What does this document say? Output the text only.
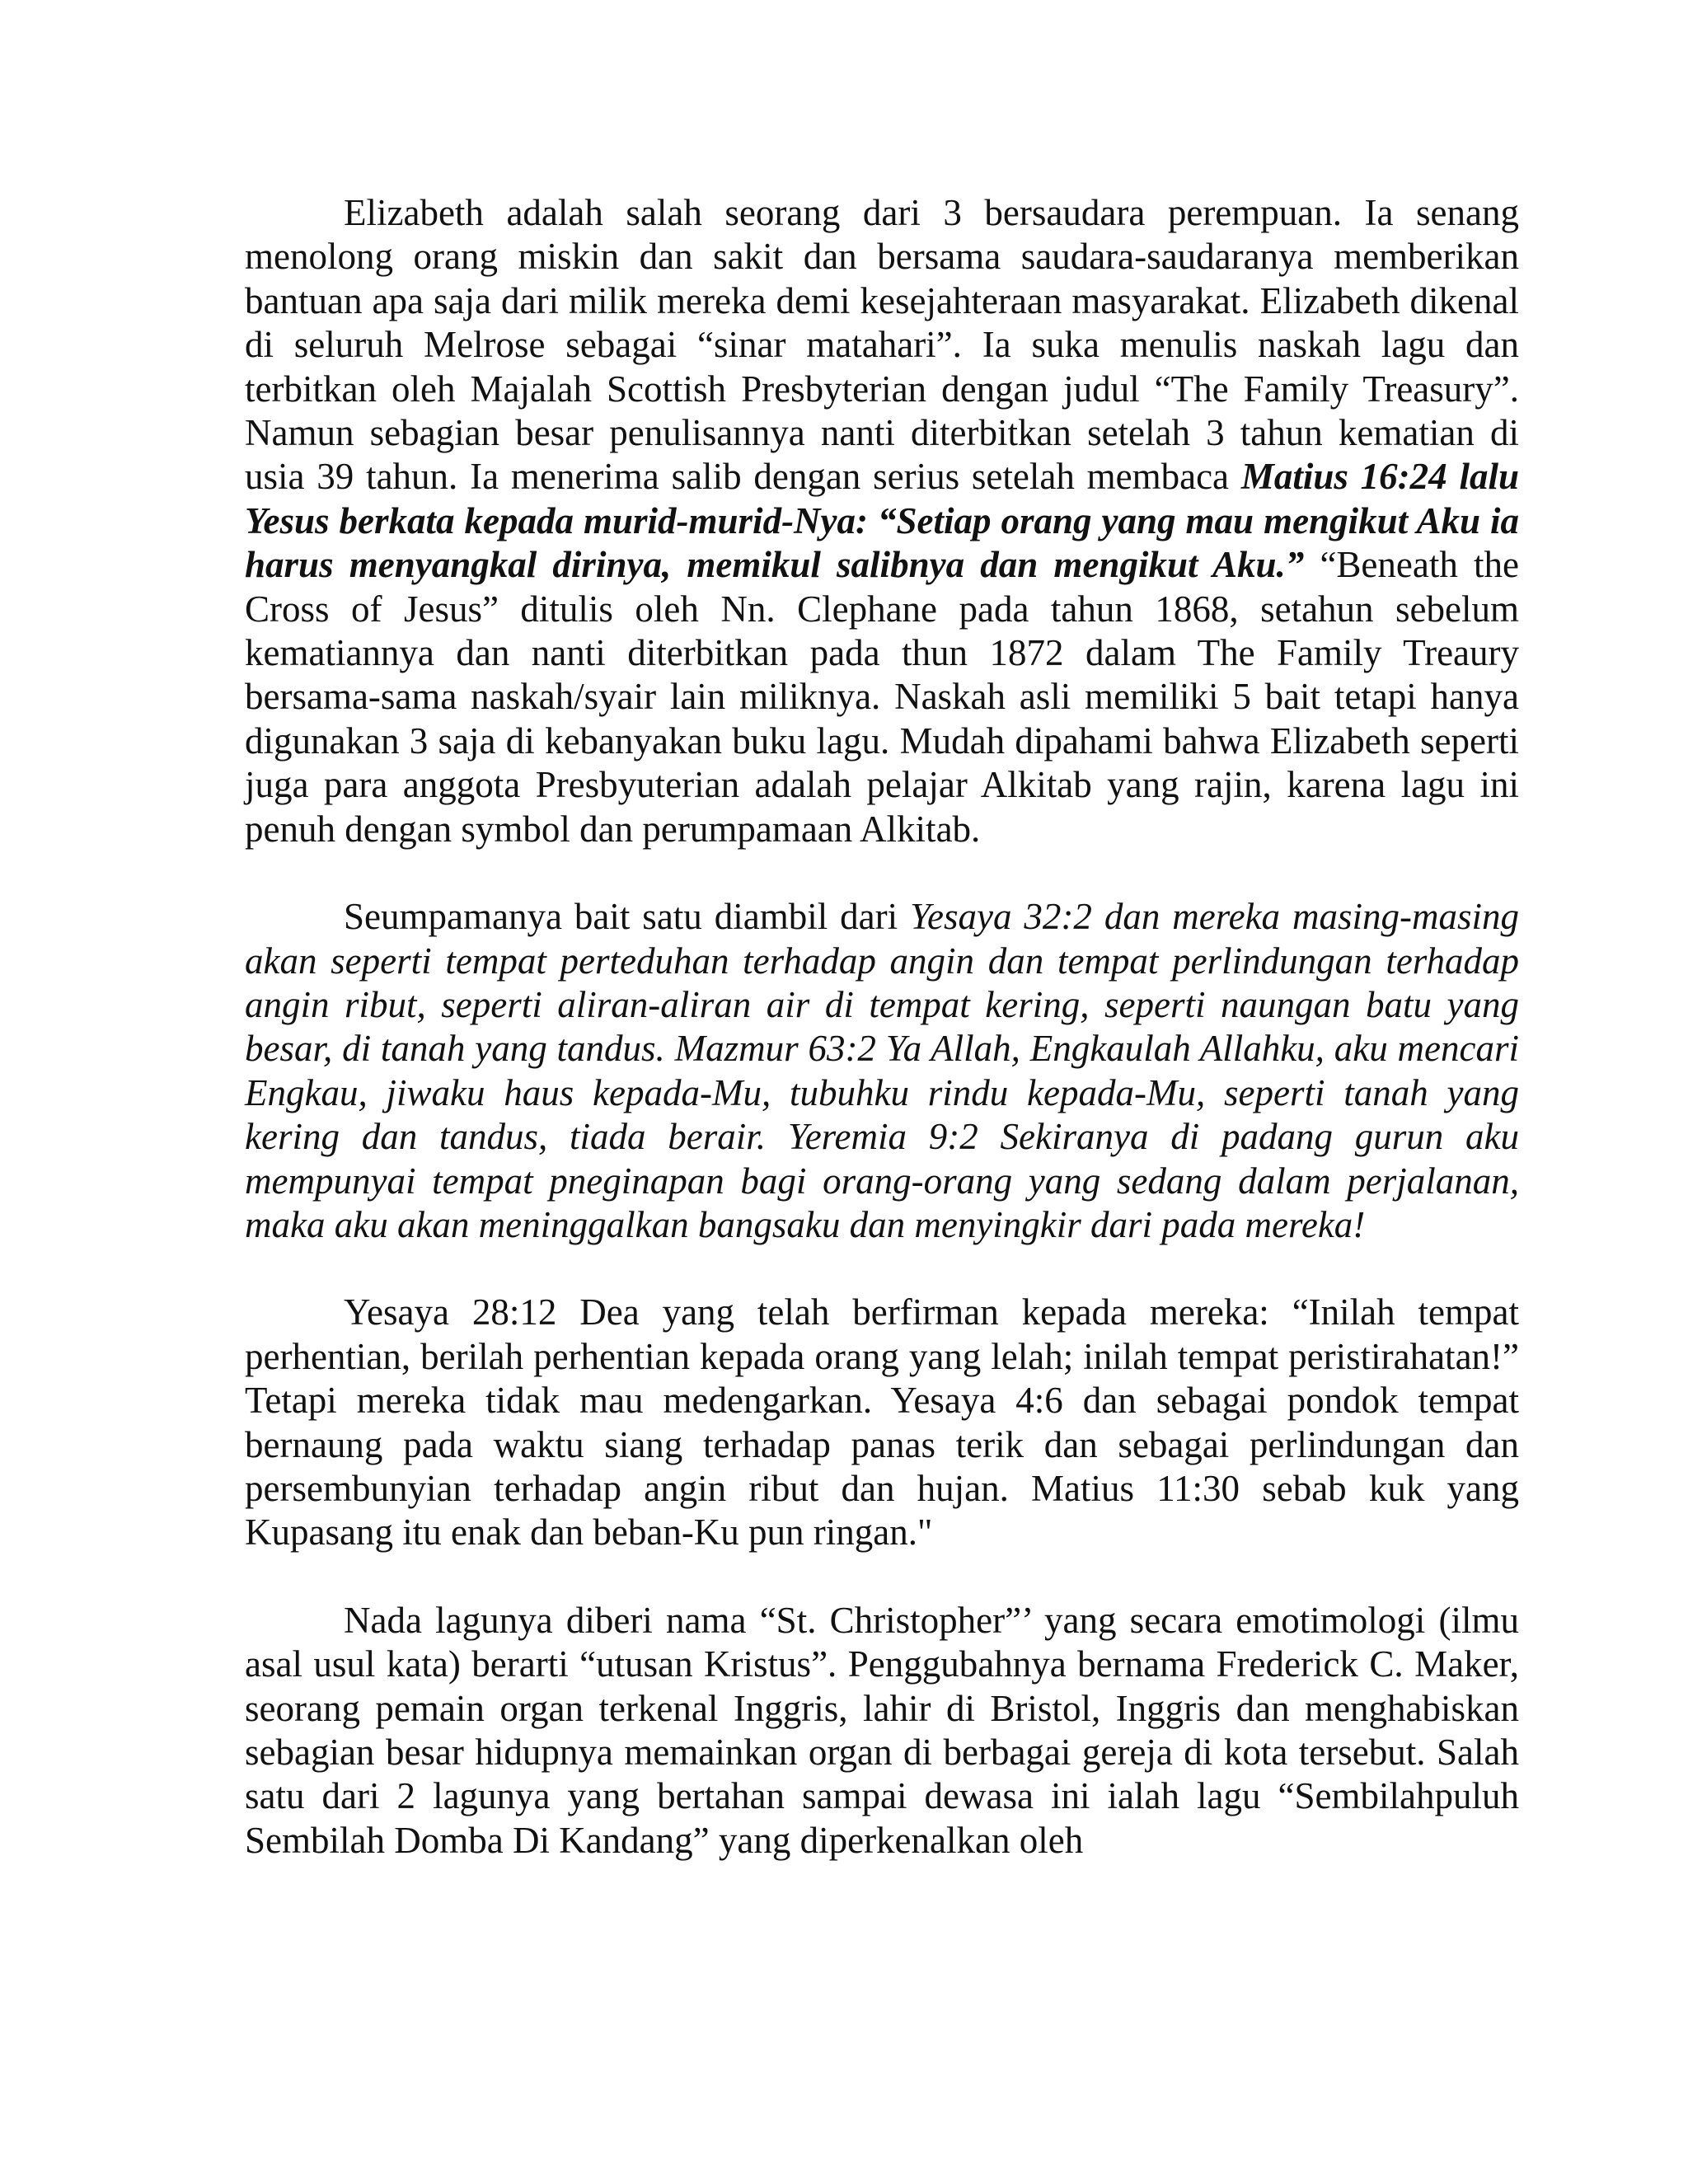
Elizabeth adalah salah seorang dari 3 bersaudara perempuan. Ia senang menolong orang miskin dan sakit dan bersama saudara-saudaranya memberikan bantuan apa saja dari milik mereka demi kesejahteraan masyarakat. Elizabeth dikenal di seluruh Melrose sebagai “sinar matahari”. Ia suka menulis naskah lagu dan terbitkan oleh Majalah Scottish Presbyterian dengan judul “The Family Treasury”. Namun sebagian besar penulisannya nanti diterbitkan setelah 3 tahun kematian di usia 39 tahun. Ia menerima salib dengan serius setelah membaca Matius 16:24 lalu Yesus berkata kepada murid-murid-Nya: “Setiap orang yang mau mengikut Aku ia harus menyangkal dirinya, memikul salibnya dan mengikut Aku.” “Beneath the Cross of Jesus” ditulis oleh Nn. Clephane pada tahun 1868, setahun sebelum kematiannya dan nanti diterbitkan pada thun 1872 dalam The Family Treaury bersama-sama naskah/syair lain miliknya. Naskah asli memiliki 5 bait tetapi hanya digunakan 3 saja di kebanyakan buku lagu. Mudah dipahami bahwa Elizabeth seperti juga para anggota Presbyuterian adalah pelajar Alkitab yang rajin, karena lagu ini penuh dengan symbol dan perumpamaan Alkitab.

Seumpamanya bait satu diambil dari Yesaya 32:2 dan mereka masing-masing akan seperti tempat perteduhan terhadap angin dan tempat perlindungan terhadap angin ribut, seperti aliran-aliran air di tempat kering, seperti naungan batu yang besar, di tanah yang tandus. Mazmur 63:2 Ya Allah, Engkaulah Allahku, aku mencari Engkau, jiwaku haus kepada-Mu, tubuhku rindu kepada-Mu, seperti tanah yang kering dan tandus, tiada berair. Yeremia 9:2 Sekiranya di padang gurun aku mempunyai tempat pneginapan bagi orang-orang yang sedang dalam perjalanan, maka aku akan meninggalkan bangsaku dan menyingkir dari pada mereka!

Yesaya 28:12 Dea yang telah berfirman kepada mereka: “Inilah tempat perhentian, berilah perhentian kepada orang yang lelah; inilah tempat peristirahatan!” Tetapi mereka tidak mau medengarkan. Yesaya 4:6 dan sebagai pondok tempat bernaung pada waktu siang terhadap panas terik dan sebagai perlindungan dan persembunyian terhadap angin ribut dan hujan. Matius 11:30 sebab kuk yang Kupasang itu enak dan beban-Ku pun ringan."

Nada lagunya diberi nama “St. Christopher”’ yang secara emotimologi (ilmu asal usul kata) berarti “utusan Kristus”. Penggubahnya bernama Frederick C. Maker, seorang pemain organ terkenal Inggris, lahir di Bristol, Inggris dan menghabiskan sebagian besar hidupnya memainkan organ di berbagai gereja di kota tersebut. Salah satu dari 2 lagunya yang bertahan sampai dewasa ini ialah lagu “Sembilahpuluh Sembilah Domba Di Kandang” yang diperkenalkan oleh
